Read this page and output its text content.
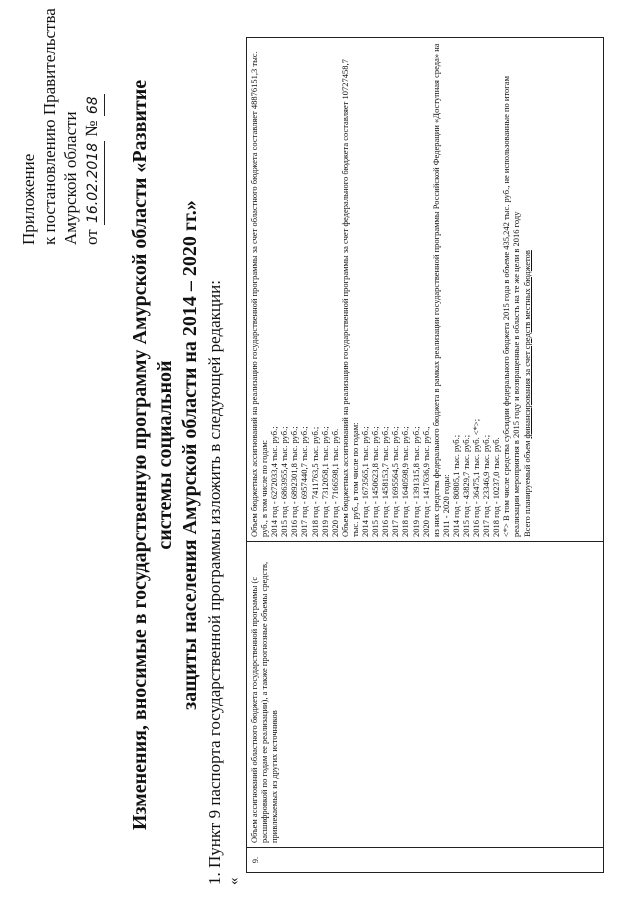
Приложение к постановлению Правительства Амурской области от 16.02.2018 № 68 Изменения, вносимые в государственную программу Амурской области «Развитие системы социальной защиты населения Амурской области на 2014 – 2020 гг.» 1. Пункт 9 паспорта государственной программы изложить в следующей редакции: «
9.
Объем ассигнований областного бюджета государственной программы (с расшифровкой по годам ее реализации), а также прогнозные объемы средств, привлекаемых из других источников
Объем бюджетных ассигнований на реализацию государственной программы за счет областного бюджета составляет 48876151,3 тыс. руб., в том числе по годам: 2014 год - 6272033,4 тыс. руб.; 2015 год - 6863955,4 тыс. руб.; 2016 год - 6892301,8 тыс. руб.; 2017 год - 6957440,7 тыс. руб.; 2018 год - 7411763,5 тыс. руб.; 2019 год - 7312058,1 тыс. руб.; 2020 год - 7166598,1 тыс. руб. Объем бюджетных ассигнований на реализацию государственной программы за счет федерального бюджета составляет 10727458,7 тыс. руб., в том числе по годам: 2014 год - 1673565,1 тыс. руб.; 2015 год - 1450623,8 тыс. руб.; 2016 год - 1458153,7 тыс. руб.; 2017 год - 1695564,5 тыс. руб.; 2018 год - 1640598,9 тыс. руб.; 2019 год - 1391315,8 тыс. руб.; 2020 год - 1417636,9 тыс. руб., из них средства федерального бюджета в рамках реализации государственной программы Российской Федерации «Доступная среда» на 2011 - 2020 годы: 2014 год - 80805,1 тыс. руб.; 2015 год - 43829,7 тыс. руб.; 2016 год - 36475,1 тыс. руб. <*>; 2017 год - 23346,9 тыс. руб.; 2018 год - 10237,0 тыс. руб. <*> В том числе средства субсидии федерального бюджета 2015 года в объеме 435,242 тыс. руб., не использованные по итогам реализации мероприятия в 2015 году и возвращенные в область на те же цели в 2016 году Всего планируемый объем финансирования за счет средств местных бюджетов
